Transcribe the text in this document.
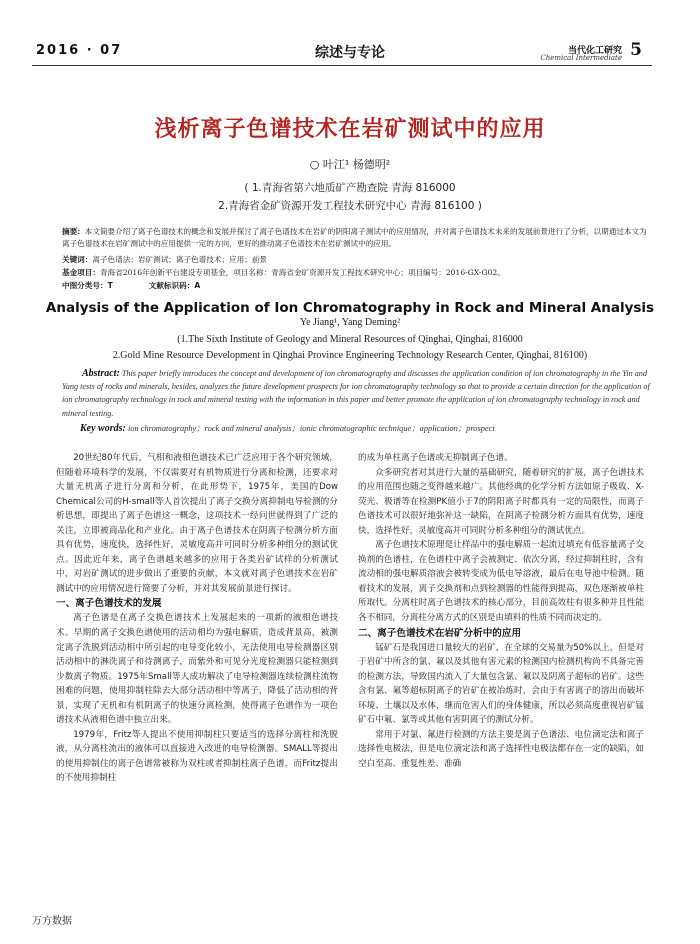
2016 · 07	综述与专论	当代化工研究
Chemical Intermediate 5
浅析离子色谱技术在岩矿测试中的应用
○ 叶江¹ 杨德明²
( 1.青海省第六地质矿产勘查院 青海 816000
2.青海省金矿资源开发工程技术研究中心 青海 816100 )
摘要：本文简要介绍了离子色谱技术的概念和发展并探讨了离子色谱技术在岩矿的阴阳离子测试中的应用情况，并对离子色谱技术未来的发展前景进行了分析，以期通过本文为离子色谱技术在岩矿测试中的应用提供一定的方向，更好的推动离子色谱技术在岩矿测试中的应用。
关键词：离子色谱法；岩矿测试；离子色谱技术；应用；前景
基金项目：青海省2016年创新平台建设专项基金，项目名称：青海省金矿资源开发工程技术研究中心；项目编号：2016-GX-G02。
中图分类号：T	文献标识码：A
Analysis of the Application of Ion Chromatography in Rock and Mineral Analysis
Ye Jiang¹, Yang Deming²
(1.The Sixth Institute of Geology and Mineral Resources of Qinghai, Qinghai, 816000
2.Gold Mine Resource Development in Qinghai Province Engineering Technology Research Center, Qinghai, 816100)
Abstract: This paper briefly introduces the concept and development of ion chromatography and discusses the application condition of ion chromatography in the Yin and Yang tests of rocks and minerals, besides, analyzes the future development prospects for ion chromatography technology so that to provide a certain direction for the application of ion chromatography technology in rock and mineral testing with the information in this paper and better promote the application of ion chromatography technology in rock and mineral testing.
Key words: ion chromatography；rock and mineral analysis；ionic chromatographic technique；application；prospect

20世纪80年代后，气相和液相色谱技术已广泛应用于各个研究领域，但随着环境科学的发展，不仅需要对有机物质进行分离和检测，还要求对大量无机离子进行分离和分析，在此形势下，1975年，美国的Dow Chemical公司的H-small等人首次提出了离子交换分离抑制电导检测的分析思想，即提出了离子色谱这一概念，这项技术一经问世就得到了广泛的关注，立即被商品化和产业化。由于离子色谱技术在阴离子检测分析方面具有优势，速度快，选择性好，灵敏度高并可同时分析多种组分的测试优点。因此近年来，离子色谱越来越多的应用于各类岩矿试样的分析测试中，对岩矿测试的进步做出了重要的贡献，本文就对离子色谱技术在岩矿测试中的应用情况进行简要了分析，并对其发展前景进行探讨。

一、离子色谱技术的发展

离子色谱是在离子交换色谱技术上发展起来的一项新的液相色谱技术。早期的离子交换色谱使用的活动相均为强电解质，造成背景高，被测定离子洗脱到活动相中所引起的电导变化较小，无法使用电导检测器区别活动相中的淋洗离子和待测离子，而紫外和可见分光度检测器只能检测到少数离子物质。1975年Small等人成功解决了电导检测器连续检测柱流物困难的问题，使用抑制柱除去大部分活动相中等离子，降低了活动相的背景，实现了无机和有机阴离子的快速分离检测，使得离子色谱作为一项色谱技术从液相色谱中独立出来。

1979年，Fritz等人提出不使用抑制柱只要适当的选择分离柱和洗脱液，从分离柱流出的液体可以直接进入改进的电导检测器。SMALL等提出的使用抑制住的离子色谱常被称为双柱或者抑制柱离子色谱，而Fritz提出的不使用抑制柱

的成为单柱离子色谱或无抑制离子色谱。

众多研究者对其进行大量的基础研究，随着研究的扩展，离子色谱技术的应用范围也随之变得越来越广。其他经典的化学分析方法如原子吸收、X-荧光、极谱等在检测PK值小于7的阴阳离子时都具有一定的局限性，而离子色谱技术可以很好地弥补这一缺陷，在阴离子检测分析方面具有优势，速度快，选择性好，灵敏度高并可同时分析多种组分的测试优点。

离子色谱技术原理是让样品中的强电解质一起流过填充有低容量离子交换剂的色谱柱，在色谱柱中离子会被测定、依次分离，经过抑制柱时，含有流动相的强电解质溶液会被转变成为低电导溶液，最后在电导池中检测。随着技术的发展，离子交换剂和点到检测器的性能得到提高，双色逐渐被单柱所取代。分离柱时离子色谱技术的核心部分，目前高效柱有很多种并且性能各不相同，分离柱分离方式的区别是由填料的性质不同而决定的。

二、离子色谱技术在岩矿分析中的应用

锰矿石是我国进口量较大的岩矿，在全球的交易量为50%以上，但是对于岩矿中所含的氯、氟以及其他有害元素的检测国内检测机构尚不具备完善的检测方法，导致国内流入了大量包含氯、氟以及阴离子超标的岩矿。这些含有氯、氟等超标阴离子的岩矿在被冶炼时，会由于有害离子的溶出而破坏环境、土壤以及水体，继而危害人们的身体健康，所以必须高度重视岩矿锰矿石中氟、氯等或其他有害阴离子的测试分析。

常用于对氯、氟进行检测的方法主要是离子色谱法、电位滴定法和离子选择性电极法，但是电位滴定法和离子选择性电极法都存在一定的缺陷，如空白至高、重复性差、准确

万方数据
